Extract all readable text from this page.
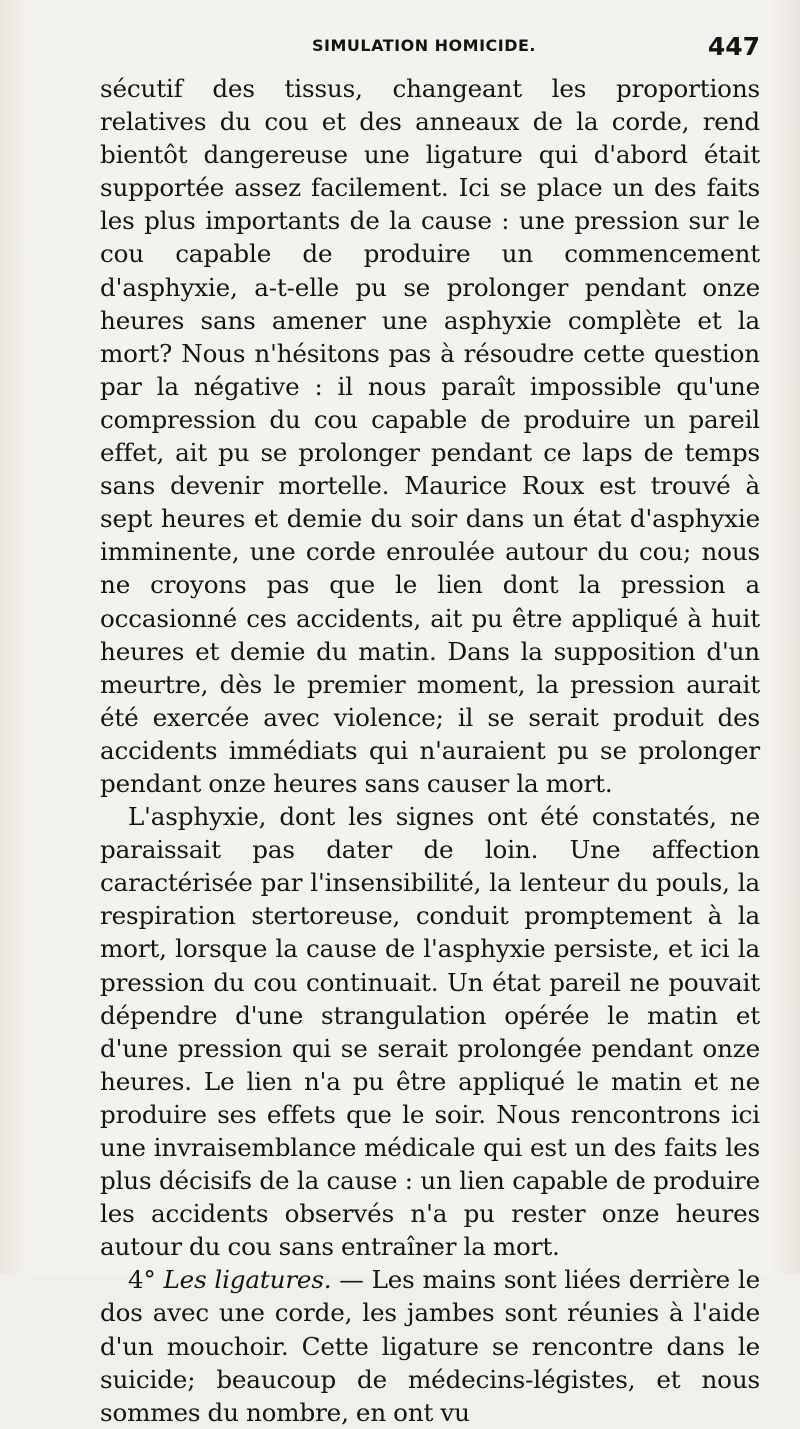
SIMULATION HOMICIDE.	447

sécutif des tissus, changeant les proportions relatives du cou et des anneaux de la corde, rend bientôt dangereuse une ligature qui d'abord était supportée assez facilement. Ici se place un des faits les plus importants de la cause : une pression sur le cou capable de produire un commencement d'asphyxie, a-t-elle pu se prolonger pendant onze heures sans amener une asphyxie complète et la mort? Nous n'hésitons pas à résoudre cette question par la négative : il nous paraît impossible qu'une compression du cou capable de produire un pareil effet, ait pu se prolonger pendant ce laps de temps sans devenir mortelle. Maurice Roux est trouvé à sept heures et demie du soir dans un état d'asphyxie imminente, une corde enroulée autour du cou; nous ne croyons pas que le lien dont la pression a occasionné ces accidents, ait pu être appliqué à huit heures et demie du matin. Dans la supposition d'un meurtre, dès le premier moment, la pression aurait été exercée avec violence; il se serait produit des accidents immédiats qui n'auraient pu se prolonger pendant onze heures sans causer la mort.

L'asphyxie, dont les signes ont été constatés, ne paraissait pas dater de loin. Une affection caractérisée par l'insensibilité, la lenteur du pouls, la respiration stertoreuse, conduit promptement à la mort, lorsque la cause de l'asphyxie persiste, et ici la pression du cou continuait. Un état pareil ne pouvait dépendre d'une strangulation opérée le matin et d'une pression qui se serait prolongée pendant onze heures. Le lien n'a pu être appliqué le matin et ne produire ses effets que le soir. Nous rencontrons ici une invraisemblance médicale qui est un des faits les plus décisifs de la cause : un lien capable de produire les accidents observés n'a pu rester onze heures autour du cou sans entraîner la mort.

4° Les ligatures. — Les mains sont liées derrière le dos avec une corde, les jambes sont réunies à l'aide d'un mouchoir. Cette ligature se rencontre dans le suicide; beaucoup de médecins-légistes, et nous sommes du nombre, en ont vu
